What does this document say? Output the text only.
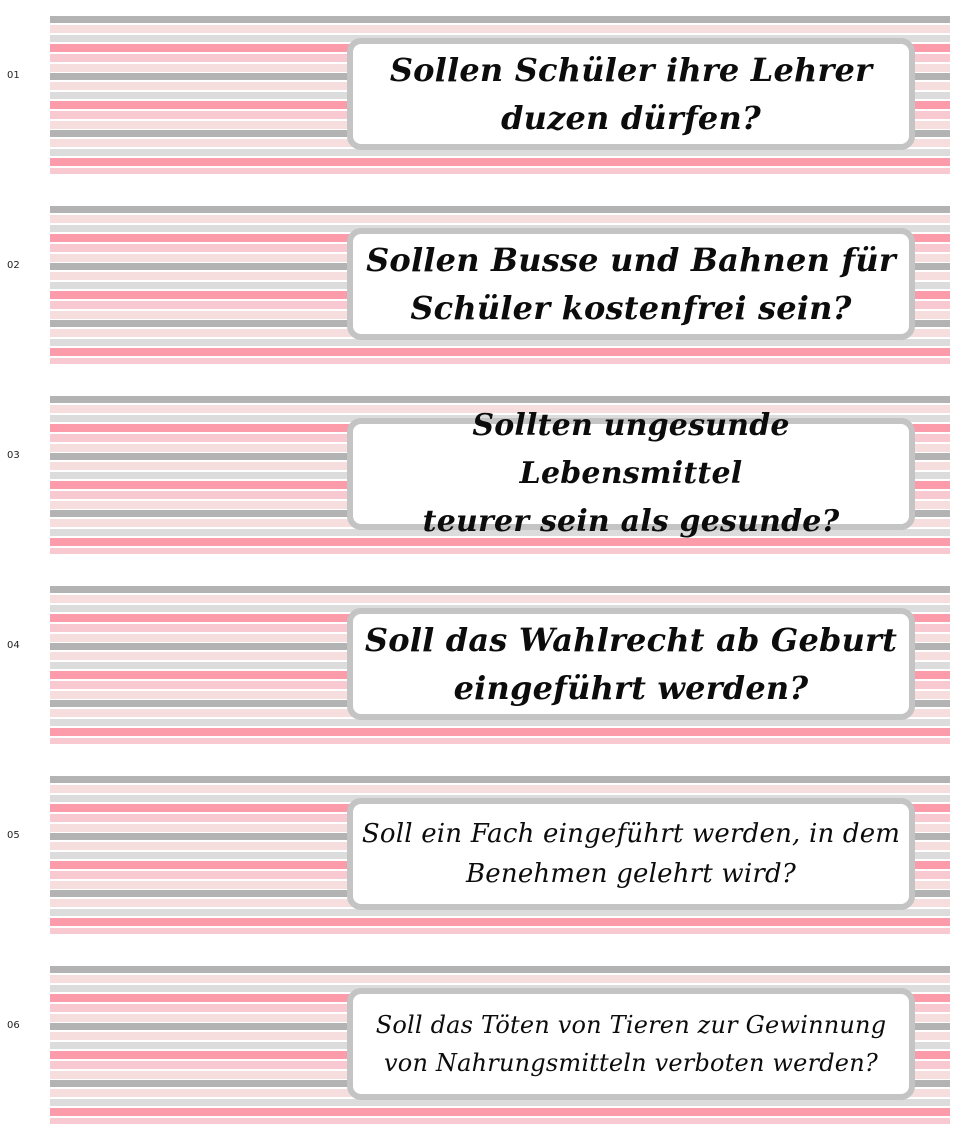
01	Sollen Schüler ihre Lehrer
duzen dürfen?
02	Sollen Busse und Bahnen für
Schüler kostenfrei sein?
03
Sollten ungesunde Lebensmittel
teurer sein als gesunde?
04	Soll das Wahlrecht ab Geburt
eingeführt werden?
05	Soll ein Fach eingeführt werden, in dem
Benehmen gelehrt wird?
06	Soll das Töten von Tieren zur Gewinnung
von Nahrungsmitteln verboten werden?
